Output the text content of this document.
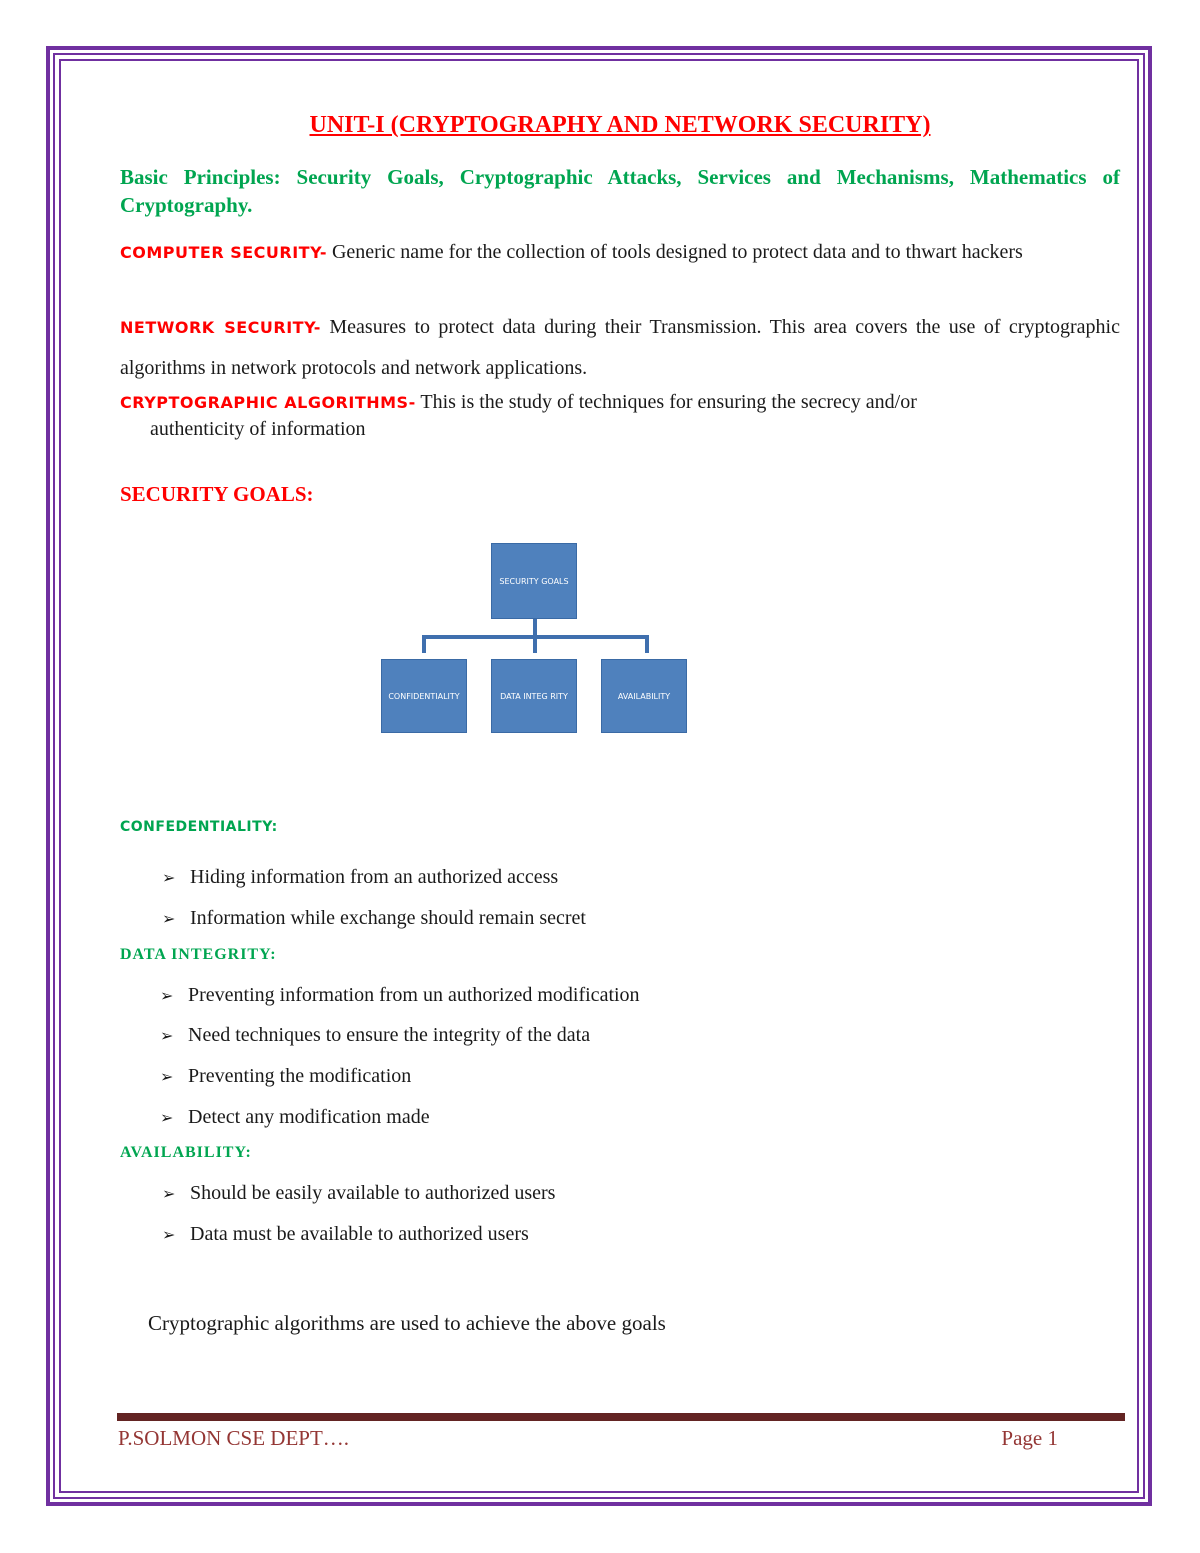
UNIT-I (CRYPTOGRAPHY AND NETWORK SECURITY)
Basic Principles: Security Goals, Cryptographic Attacks, Services and Mechanisms, Mathematics of Cryptography.
COMPUTER SECURITY- Generic name for the collection of tools designed to protect data and to thwart hackers
NETWORK SECURITY- Measures to protect data during their Transmission. This area covers the use of cryptographic algorithms in network protocols and network applications.
CRYPTOGRAPHIC ALGORITHMS- This is the study of techniques for ensuring the secrecy and/or
authenticity of information
SECURITY GOALS:
SECURITY GOALS
CONFIDENTIALITY	DATA INTEG RITY	AVAILABILITY
CONFEDENTIALITY:
➢ Hiding information from an authorized access
➢ Information while exchange should remain secret
DATA INTEGRITY:
➢ Preventing information from un authorized modification
➢ Need techniques to ensure the integrity of the data
➢ Preventing the modification
➢ Detect any modification made
AVAILABILITY:
➢ Should be easily available to authorized users
➢ Data must be available to authorized users
Cryptographic algorithms are used to achieve the above goals
P.SOLMON CSE DEPT….	Page 1
